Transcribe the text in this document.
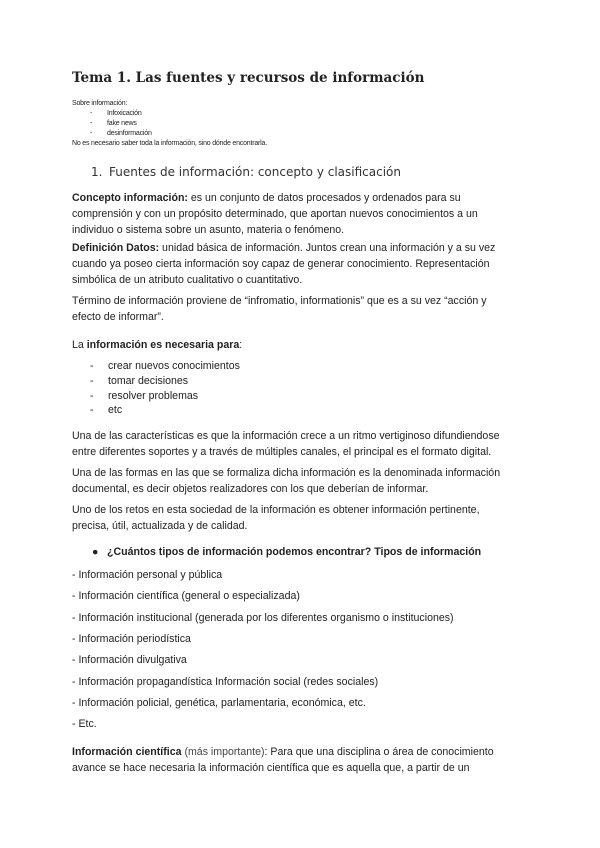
Tema 1. Las fuentes y recursos de información
Sobre información:
- Infoxicación
- fake news
- desinformación
No es necesario saber toda la información, sino dónde encontrarla.
1. Fuentes de información: concepto y clasificación
Concepto información: es un conjunto de datos procesados y ordenados para su
comprensión y con un propósito determinado, que aportan nuevos conocimientos a un
individuo o sistema sobre un asunto, materia o fenómeno.
Definición Datos: unidad básica de información. Juntos crean una información y a su vez
cuando ya poseo cierta información soy capaz de generar conocimiento. Representación
simbólica de un atributo cualitativo o cuantitativo.
Término de información proviene de “infromatio, informationis” que es a su vez “acción y
efecto de informar”.
La información es necesaria para:
- crear nuevos conocimientos
- tomar decisiones
- resolver problemas
- etc
Una de las características es que la información crece a un ritmo vertiginoso difundiendose
entre diferentes soportes y a través de múltiples canales, el principal es el formato digital.
Una de las formas en las que se formaliza dicha información es la denominada información
documental, es decir objetos realizadores con los que deberían de informar.
Uno de los retos en esta sociedad de la información es obtener información pertinente,
precisa, útil, actualizada y de calidad.
● ¿Cuántos tipos de información podemos encontrar? Tipos de información
- Información personal y pública
- Información científica (general o especializada)
- Información institucional (generada por los diferentes organismo o instituciones)
- Información periodística
- Información divulgativa
- Información propagandística Información social (redes sociales)
- Información policial, genética, parlamentaria, económica, etc.
- Etc.
Información científica (más importante): Para que una disciplina o área de conocimiento
avance se hace necesaria la información científica que es aquella que, a partir de un
